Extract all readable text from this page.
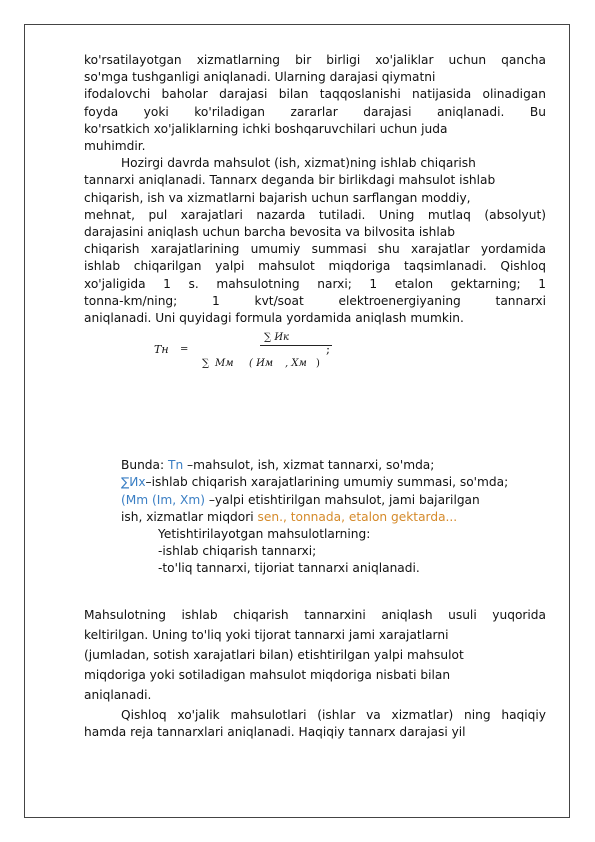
ko'rsatilayotgan xizmatlarning bir birligi xo'jaliklar uchun qancha
so'mga tushganligi aniqlanadi. Ularning darajasi qiymatni
ifodalovchi baholar darajasi bilan taqqoslanishi natijasida olinadigan
foyda yoki ko'riladigan zararlar darajasi aniqlanadi. Bu
ko'rsatkich xo'jaliklarning ichki boshqaruvchilari uchun juda
muhimdir.
Hozirgi davrda mahsulot (ish, xizmat)ning ishlab chiqarish
tannarxi aniqlanadi. Tannarx deganda bir birlikdagi mahsulot ishlab
chiqarish, ish va xizmatlarni bajarish uchun sarflangan moddiy,
mehnat, pul xarajatlari nazarda tutiladi. Uning mutlaq (absolyut)
darajasini aniqlash uchun barcha bevosita va bilvosita ishlab
chiqarish xarajatlarining umumiy summasi shu xarajatlar yordamida
ishlab chiqarilgan yalpi mahsulot miqdoriga taqsimlanadi. Qishloq
xo'jaligida 1 s. mahsulotning narxi; 1 etalon gektarning; 1
tonna-km/ning; 1 kvt/soat elektroenergiyaning tannarxi
aniqlanadi. Uni quyidagi formula yordamida aniqlash mumkin.
Тн =
∑ Ик
∑ Мм ( Им , Хм )
;
Bunda: Tn –mahsulot, ish, xizmat tannarxi, so'mda;
∑Иx–ishlab chiqarish xarajatlarining umumiy summasi, so'mda;
(Мm (Im, Xm) –yalpi etishtirilgan mahsulot, jami bajarilgan
ish, xizmatlar miqdori sen., tonnada, etalon gektarda...
Yetishtirilayotgan mahsulotlarning:
-ishlab chiqarish tannarxi;
-to'liq tannarxi, tijoriat tannarxi aniqlanadi.
Mahsulotning ishlab chiqarish tannarxini aniqlash usuli yuqorida
keltirilgan. Uning to'liq yoki tijorat tannarxi jami xarajatlarni
(jumladan, sotish xarajatlari bilan) etishtirilgan yalpi mahsulot
miqdoriga yoki sotiladigan mahsulot miqdoriga nisbati bilan
aniqlanadi.
Qishloq xo'jalik mahsulotlari (ishlar va xizmatlar) ning haqiqiy
hamda reja tannarxlari aniqlanadi. Haqiqiy tannarx darajasi yil
